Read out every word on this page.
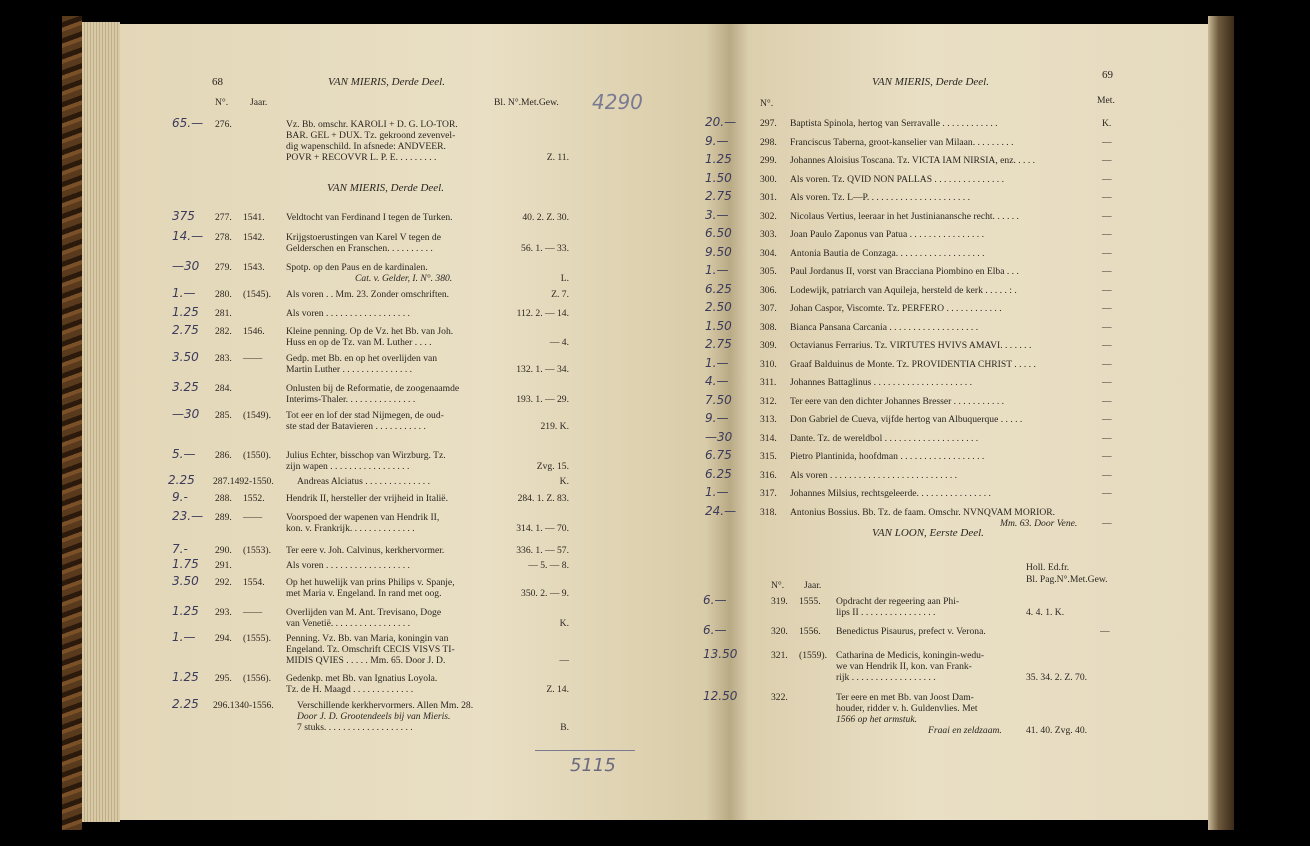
68	VAN MIERIS, Derde Deel.
N°. Jaar.	Bl. N°.Met.Gew. 4290
VAN MIERIS, Derde Deel.
65.— 276.	Vz. Bb. omschr. KAROLI + D. G. LO-TOR.
BAR. GEL + DUX. Tz. gekroond zevenvel-
dig wapenschild. In afsnede: ANDVEER.
POVR + RECOVVR L. P. E. . . . . . . . .	Z. 11.
375 277. 1541. Veldtocht van Ferdinand I tegen de Turken.	40. 2. Z. 30.
14.— 278. 1542. Krijgstoerustingen van Karel V tegen de
Gelderschen en Franschen. . . . . . . . . .	56. 1. — 33.
—30 279. 1543. Spotp. op den Paus en de kardinalen.
Cat. v. Gelder, I. N°. 380.	L.
1.— 280. (1545). Als voren . . Mm. 23. Zonder omschriften.	Z. 7.
1.25 281.	Als voren . . . . . . . . . . . . . . . . . .	112. 2. — 14.
2.75 282. 1546. Kleine penning. Op de Vz. het Bb. van Joh.
Huss en op de Tz. van M. Luther . . . .	— 4.
3.50 283. —— Gedp. met Bb. en op het overlijden van
Martin Luther . . . . . . . . . . . . . . .	132. 1. — 34.
3.25 284.	Onlusten bij de Reformatie, de zoogenaamde
Interims-Thaler. . . . . . . . . . . . . . .	193. 1. — 29.
—30 285. (1549). Tot eer en lof der stad Nijmegen, de oud-
ste stad der Batavieren . . . . . . . . . . .	219. K.
5.— 286. (1550). Julius Echter, bisschop van Wirzburg. Tz.
zijn wapen . . . . . . . . . . . . . . . . .	Zvg. 15.
2.25 287.1492-1550. Andreas Alciatus . . . . . . . . . . . . . .	K.
9.-	288. 1552. Hendrik II, hersteller der vrijheid in Italië.	284. 1. Z. 83.
23.— 289. —— Voorspoed der wapenen van Hendrik II,
kon. v. Frankrijk. . . . . . . . . . . . . .	314. 1. — 70.
7.-	290. (1553). Ter eere v. Joh. Calvinus, kerkhervormer.	336. 1. — 57.
1.75 291.	Als voren . . . . . . . . . . . . . . . . . .	— 5. — 8.
3.50 292. 1554. Op het huwelijk van prins Philips v. Spanje,
met Maria v. Engeland. In rand met oog.	350. 2. — 9.
1.25 293. —— Overlijden van M. Ant. Trevisano, Doge
van Venetië. . . . . . . . . . . . . . . . .	K.
1.— 294. (1555). Penning. Vz. Bb. van Maria, koningin van
Engeland. Tz. Omschrift CECIS VISVS TI-
MIDIS QVIES . . . . . Mm. 65. Door J. D.	—
1.25 295. (1556). Gedenkp. met Bb. van Ignatius Loyola.
Tz. de H. Maagd . . . . . . . . . . . . .	Z. 14.
2.25 296.1340-1556. Verschillende kerkhervormers. Allen Mm. 28.
Door J. D. Grootendeels bij van Mieris.
7 stuks. . . . . . . . . . . . . . . . . . .	B.
5115
VAN MIERIS, Derde Deel.
69
N°.	Met.
20.— 297. Baptista Spinola, hertog van Serravalle . . . . . . . . . . . .	K.
9.—	298. Franciscus Taberna, groot-kanselier van Milaan. . . . . . . . .	—
1.25	299. Johannes Aloisius Toscana. Tz. VICTA IAM NIRSIA, enz. . . . .	—
1.50	300. Als voren. Tz. QVID NON PALLAS . . . . . . . . . . . . . . .	—
2.75	301. Als voren. Tz. L—P. . . . . . . . . . . . . . . . . . . . . .	—
3.—	302. Nicolaus Vertius, leeraar in het Justinianansche recht. . . . . .	—
6.50	303. Joan Paulo Zaponus van Patua . . . . . . . . . . . . . . . .	—
9.50	304. Antonia Bautia de Conzaga. . . . . . . . . . . . . . . . . . .	—
1.—	305. Paul Jordanus II, vorst van Bracciana Piombino en Elba . . .	—
6.25	306. Lodewijk, patriarch van Aquileja, hersteld de kerk . . . . . : .	—
2.50	307. Johan Caspor, Viscomte. Tz. PERFERO . . . . . . . . . . . .	—
1.50	308. Bianca Pansana Carcania . . . . . . . . . . . . . . . . . . .	—
2.75	309. Octavianus Ferrarius. Tz. VIRTUTES HVIVS AMAVI. . . . . . .	—
1.—	310. Graaf Balduinus de Monte. Tz. PROVIDENTIA CHRIST . . . . .	—
4.—	311. Johannes Battaglinus . . . . . . . . . . . . . . . . . . . . .	—
7.50	312. Ter eere van den dichter Johannes Bresser . . . . . . . . . . .	—
9.—	313. Don Gabriel de Cueva, vijfde hertog van Albuquerque . . . . .	—
—30	314. Dante. Tz. de wereldbol . . . . . . . . . . . . . . . . . . . .	—
6.75	315. Pietro Plantinida, hoofdman . . . . . . . . . . . . . . . . . .	—
6.25	316. Als voren . . . . . . . . . . . . . . . . . . . . . . . . . . .	—
1.—	317. Johannes Milsius, rechtsgeleerde. . . . . . . . . . . . . . . .	—
24.— 318. Antonius Bossius. Bb. Tz. de faam. Omschr. NVNQVAM MORIOR.
Mm. 63. Door Vene.	—
VAN LOON, Eerste Deel.
Holl. Ed.fr.
Bl. Pag.N°.Met.Gew.
N°. Jaar.
6.—	319. 1555. Opdracht der regeering aan Phi-
lips II . . . . . . . . . . . . . . . .	4. 4. 1. K.
6.—	320. 1556. Benedictus Pisaurus, prefect v. Verona.	—
13.50	321. (1559). Catharina de Medicis, koningin-wedu-
we van Hendrik II, kon. van Frank-
rijk . . . . . . . . . . . . . . . . . .	35. 34. 2. Z. 70.
12.50	322.	Ter eere en met Bb. van Joost Dam-
houder, ridder v. h. Guldenvlies. Met
1566 op het armstuk.
Fraai en zeldzaam.	41. 40. Zvg. 40.
